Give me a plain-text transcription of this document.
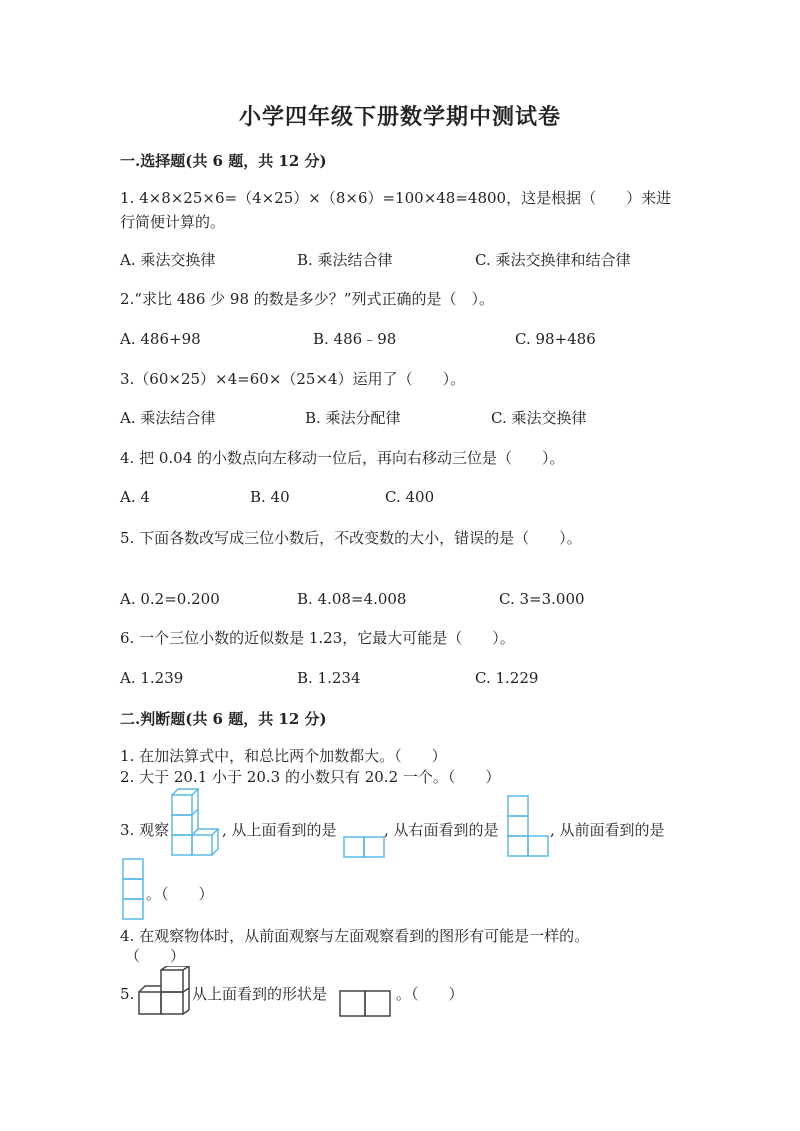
小学四年级下册数学期中测试卷
一.选择题(共 6 题，共 12 分)
1. 4×8×25×6=（4×25）×（8×6）=100×48=4800，这是根据（　　）来进行简便计算的。
A. 乘法交换律	B. 乘法结合律	C. 乘法交换律和结合律
2.“求比 486 少 98 的数是多少？”列式正确的是（　）。
A. 486+98	B. 486﹣98	C. 98+486
3.（60×25）×4=60×（25×4）运用了（　　）。
A. 乘法结合律	B. 乘法分配律	C. 乘法交换律
4. 把 0.04 的小数点向左移动一位后，再向右移动三位是（　　）。
A. 4	B. 40	C. 400
5. 下面各数改写成三位小数后，不改变数的大小，错误的是（　　）。
A. 0.2=0.200	B. 4.08=4.008	C. 3=3.000
6. 一个三位小数的近似数是 1.23，它最大可能是（　　）。
A. 1.239	B. 1.234	C. 1.229
二.判断题(共 6 题，共 12 分)
1. 在加法算式中，和总比两个加数都大。（　　）
2. 大于 20.1 小于 20.3 的小数只有 20.2 一个。（　　）
3. 观察	, 从上面看到的是	, 从右面看到的是	, 从前面看到的是
。（　　）
4. 在观察物体时，从前面观察与左面观察看到的图形有可能是一样的。
（　　）
5.	从上面看到的形状是	。（　　）
